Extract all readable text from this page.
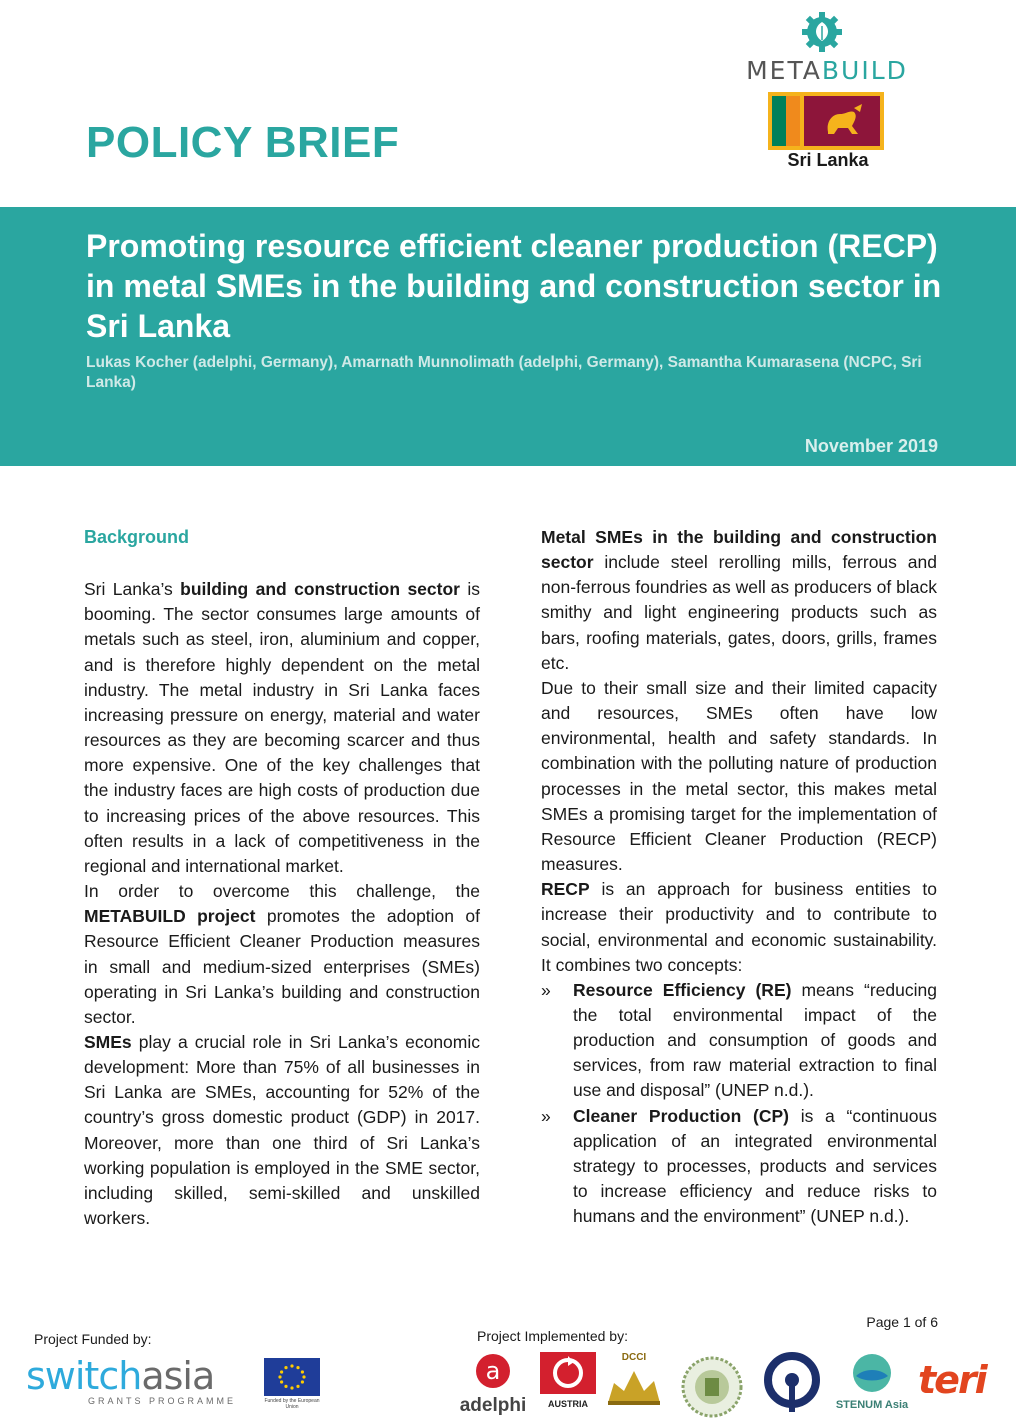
POLICY BRIEF
METABUILD
Sri Lanka
Promoting resource efficient cleaner production (RECP) in metal SMEs in the building and construction sector in Sri Lanka
Lukas Kocher (adelphi, Germany), Amarnath Munnolimath (adelphi, Germany), Samantha Kumarasena (NCPC, Sri Lanka)
November 2019

Background

Sri Lanka’s building and construction sector is booming. The sector consumes large amounts of metals such as steel, iron, aluminium and copper, and is therefore highly dependent on the metal industry. The metal industry in Sri Lanka faces increasing pressure on energy, material and water resources as they are becoming scarcer and thus more expensive. One of the key challenges that the industry faces are high costs of production due to increasing prices of the above resources. This often results in a lack of competitiveness in the regional and international market.

In order to overcome this challenge, the METABUILD project promotes the adoption of Resource Efficient Cleaner Production measures in small and medium-sized enterprises (SMEs) operating in Sri Lanka’s building and construction sector.

SMEs play a crucial role in Sri Lanka’s economic development: More than 75% of all businesses in Sri Lanka are SMEs, accounting for 52% of the country’s gross domestic product (GDP) in 2017. Moreover, more than one third of Sri Lanka’s working population is employed in the SME sector, including skilled, semi-skilled and unskilled workers.

Metal SMEs in the building and construction sector include steel rerolling mills, ferrous and non-ferrous foundries as well as producers of black smithy and light engineering products such as bars, roofing materials, gates, doors, grills, frames etc.

Due to their small size and their limited capacity and resources, SMEs often have low environmental, health and safety standards. In combination with the polluting nature of production processes in the metal sector, this makes metal SMEs a promising target for the implementation of Resource Efficient Cleaner Production (RECP) measures.

RECP is an approach for business entities to increase their productivity and to contribute to social, environmental and economic sustainability. It combines two concepts:

» Resource Efficiency (RE) means “reducing the total environmental impact of the production and consumption of goods and services, from raw material extraction to final use and disposal” (UNEP n.d.).

» Cleaner Production (CP) is a “continuous application of an integrated environmental strategy to processes, products and services to increase efficiency and reduce risks to humans and the environment” (UNEP n.d.).

Page 1 of 6
Project Funded by:	Project Implemented by:
switchasia
GRANTS PROGRAMME	Funded by the European Union
a
adelphi	AUSTRIA
DCCI
STENUM Asia
teri
